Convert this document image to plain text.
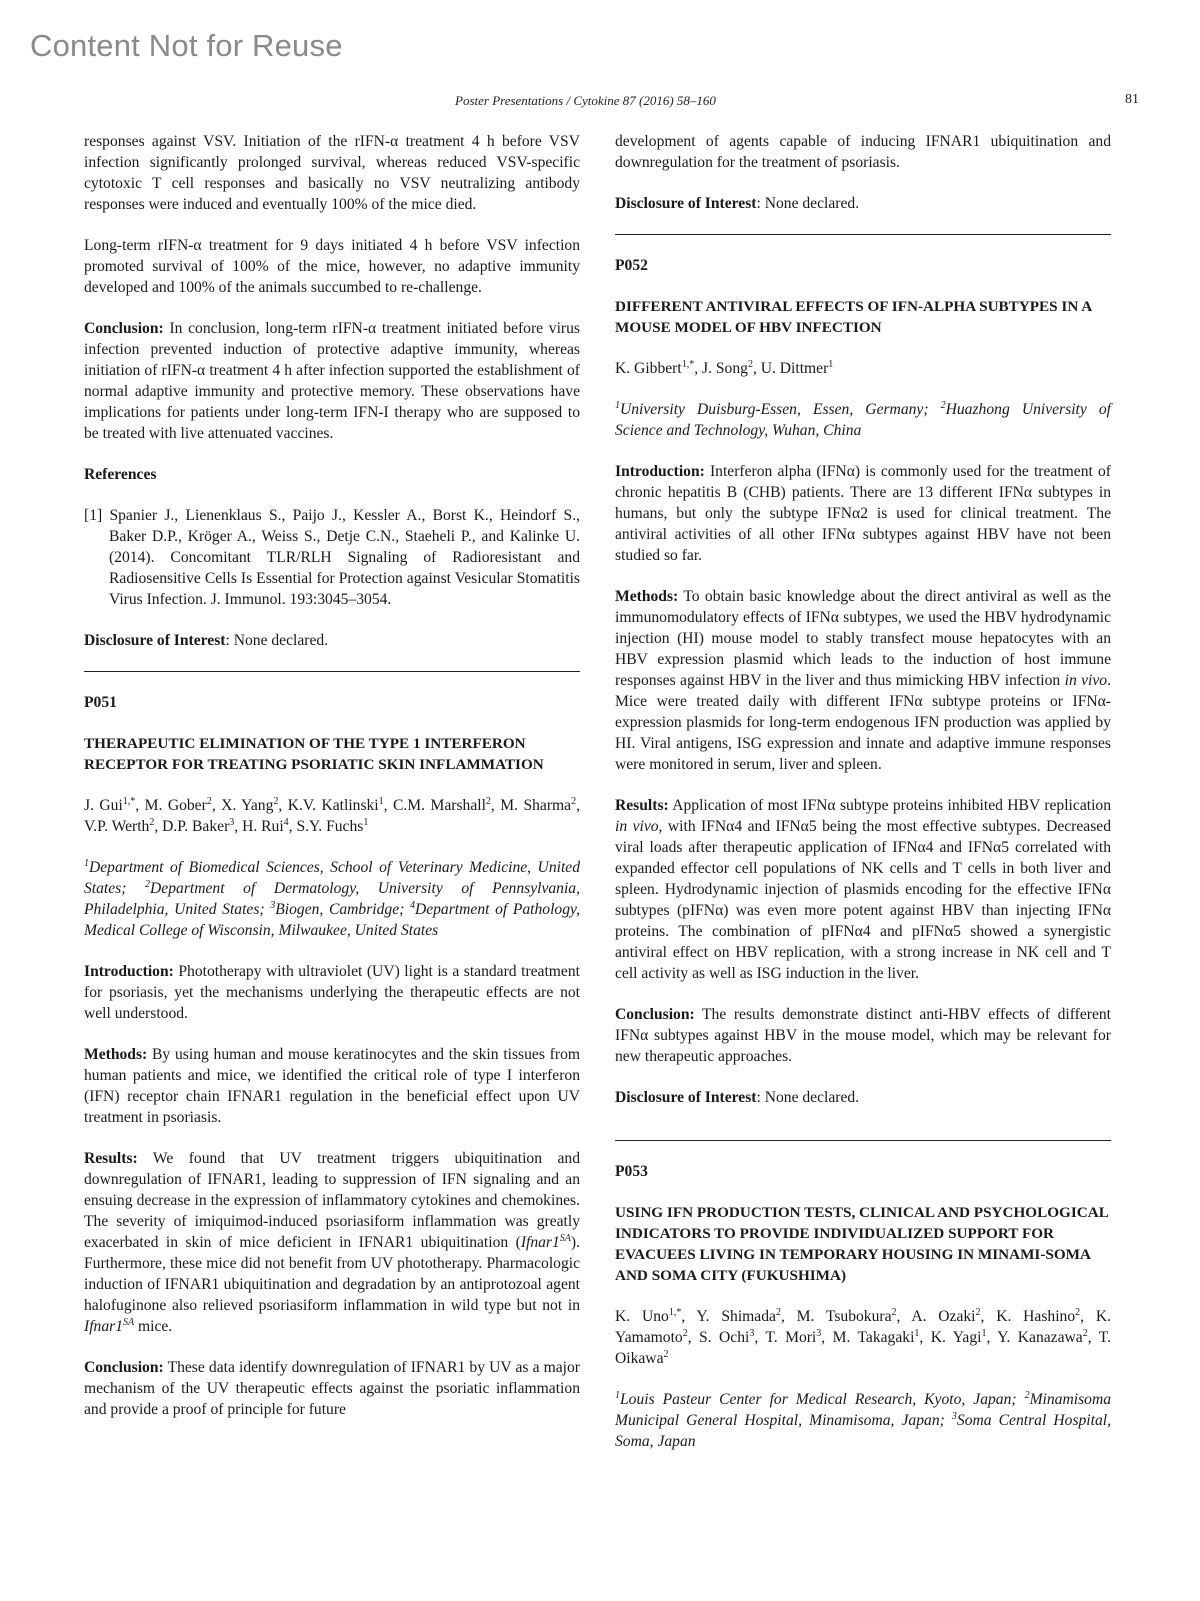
Content Not for Reuse
Poster Presentations / Cytokine 87 (2016) 58–160	81

responses against VSV. Initiation of the rIFN-α treatment 4 h before VSV infection significantly prolonged survival, whereas reduced VSV-specific cytotoxic T cell responses and basically no VSV neutralizing antibody responses were induced and eventually 100% of the mice died.

Long-term rIFN-α treatment for 9 days initiated 4 h before VSV infection promoted survival of 100% of the mice, however, no adaptive immunity developed and 100% of the animals succumbed to re-challenge.

Conclusion: In conclusion, long-term rIFN-α treatment initiated before virus infection prevented induction of protective adaptive immunity, whereas initiation of rIFN-α treatment 4 h after infection supported the establishment of normal adaptive immunity and protective memory. These observations have implications for patients under long-term IFN-I therapy who are supposed to be treated with live attenuated vaccines.

References

[1] Spanier J., Lienenklaus S., Paijo J., Kessler A., Borst K., Heindorf S., Baker D.P., Kröger A., Weiss S., Detje C.N., Staeheli P., and Kalinke U. (2014). Concomitant TLR/RLH Signaling of Radioresistant and Radiosensitive Cells Is Essential for Protection against Vesicular Stomatitis Virus Infection. J. Immunol. 193:3045–3054.

Disclosure of Interest: None declared.

P051

THERAPEUTIC ELIMINATION OF THE TYPE 1 INTERFERON RECEPTOR FOR TREATING PSORIATIC SKIN INFLAMMATION

J. Gui$^{1,*}$, M. Gober$^2$, X. Yang$^2$, K.V. Katlinski$^1$, C.M. Marshall$^2$, M. Sharma$^2$, V.P. Werth$^2$, D.P. Baker$^3$, H. Rui$^4$, S.Y. Fuchs$^1$

$^1$Department of Biomedical Sciences, School of Veterinary Medicine, United States; $^2$Department of Dermatology, University of Pennsylvania, Philadelphia, United States; $^3$Biogen, Cambridge; $^4$Department of Pathology, Medical College of Wisconsin, Milwaukee, United States

Introduction: Phototherapy with ultraviolet (UV) light is a standard treatment for psoriasis, yet the mechanisms underlying the therapeutic effects are not well understood.

Methods: By using human and mouse keratinocytes and the skin tissues from human patients and mice, we identified the critical role of type I interferon (IFN) receptor chain IFNAR1 regulation in the beneficial effect upon UV treatment in psoriasis.

Results: We found that UV treatment triggers ubiquitination and downregulation of IFNAR1, leading to suppression of IFN signaling and an ensuing decrease in the expression of inflammatory cytokines and chemokines. The severity of imiquimod-induced psoriasiform inflammation was greatly exacerbated in skin of mice deficient in IFNAR1 ubiquitination $(Ifnar1^{SA})$. Furthermore, these mice did not benefit from UV phototherapy. Pharmacologic induction of IFNAR1 ubiquitination and degradation by an antiprotozoal agent halofuginone also relieved psoriasiform inflammation in wild type but not in $Ifnar1^{SA}$ mice.

Conclusion: These data identify downregulation of IFNAR1 by UV as a major mechanism of the UV therapeutic effects against the psoriatic inflammation and provide a proof of principle for future

development of agents capable of inducing IFNAR1 ubiquitination and downregulation for the treatment of psoriasis.

Disclosure of Interest: None declared.

P052

DIFFERENT ANTIVIRAL EFFECTS OF IFN-ALPHA SUBTYPES IN A MOUSE MODEL OF HBV INFECTION

K. Gibbert$^{1,*}$, J. Song$^2$, U. Dittmer$^1$

$^1$University Duisburg-Essen, Essen, Germany; $^2$Huazhong University of Science and Technology, Wuhan, China

Introduction: Interferon alpha (IFNα) is commonly used for the treatment of chronic hepatitis B (CHB) patients. There are 13 different IFNα subtypes in humans, but only the subtype IFNα2 is used for clinical treatment. The antiviral activities of all other IFNα subtypes against HBV have not been studied so far.

Methods: To obtain basic knowledge about the direct antiviral as well as the immunomodulatory effects of IFNα subtypes, we used the HBV hydrodynamic injection (HI) mouse model to stably transfect mouse hepatocytes with an HBV expression plasmid which leads to the induction of host immune responses against HBV in the liver and thus mimicking HBV infection in vivo. Mice were treated daily with different IFNα subtype proteins or IFNα-expression plasmids for long-term endogenous IFN production was applied by HI. Viral antigens, ISG expression and innate and adaptive immune responses were monitored in serum, liver and spleen.

Results: Application of most IFNα subtype proteins inhibited HBV replication in vivo, with IFNα4 and IFNα5 being the most effective subtypes. Decreased viral loads after therapeutic application of IFNα4 and IFNα5 correlated with expanded effector cell populations of NK cells and T cells in both liver and spleen. Hydrodynamic injection of plasmids encoding for the effective IFNα subtypes (pIFNα) was even more potent against HBV than injecting IFNα proteins. The combination of pIFNα4 and pIFNα5 showed a synergistic antiviral effect on HBV replication, with a strong increase in NK cell and T cell activity as well as ISG induction in the liver.

Conclusion: The results demonstrate distinct anti-HBV effects of different IFNα subtypes against HBV in the mouse model, which may be relevant for new therapeutic approaches.

Disclosure of Interest: None declared.

P053

USING IFN PRODUCTION TESTS, CLINICAL AND PSYCHOLOGICAL INDICATORS TO PROVIDE INDIVIDUALIZED SUPPORT FOR EVACUEES LIVING IN TEMPORARY HOUSING IN MINAMI-SOMA AND SOMA CITY (FUKUSHIMA)

K. Uno$^{1,*}$, Y. Shimada$^2$, M. Tsubokura$^2$, A. Ozaki$^2$, K. Hashino$^2$, K. Yamamoto$^2$, S. Ochi$^3$, T. Mori$^3$, M. Takagaki$^1$, K. Yagi$^1$, Y. Kanazawa$^2$, T. Oikawa$^2$

$^1$Louis Pasteur Center for Medical Research, Kyoto, Japan; $^2$Minamisoma Municipal General Hospital, Minamisoma, Japan; $^3$Soma Central Hospital, Soma, Japan
